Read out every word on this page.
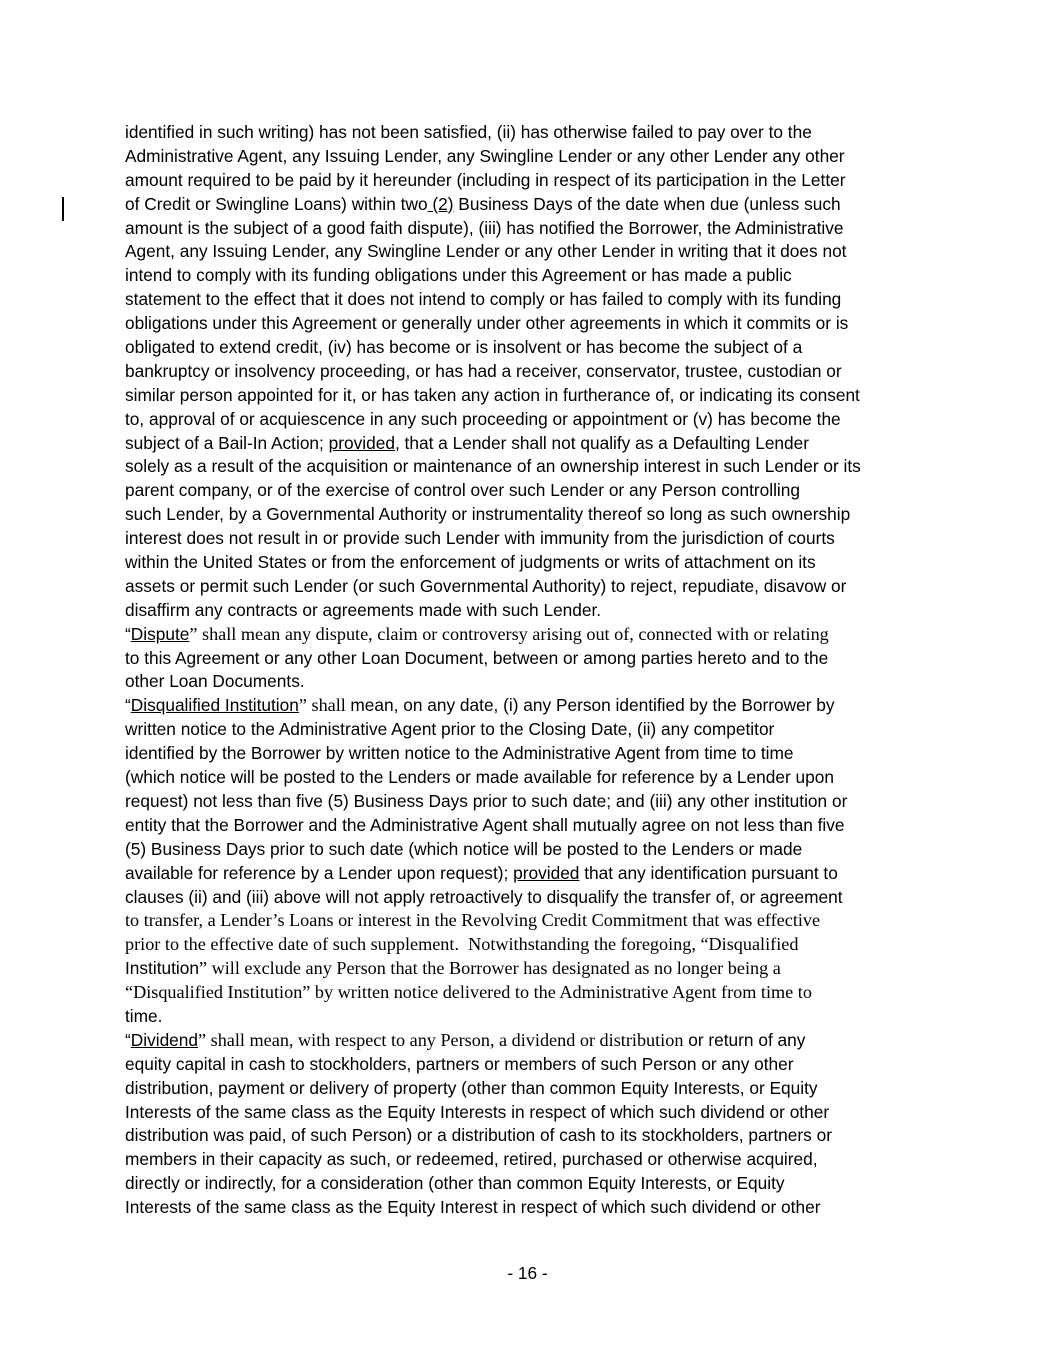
identified in such writing) has not been satisfied, (ii) has otherwise failed to pay over to the
Administrative Agent, any Issuing Lender, any Swingline Lender or any other Lender any other
amount required to be paid by it hereunder (including in respect of its participation in the Letter
of Credit or Swingline Loans) within two (2) Business Days of the date when due (unless such
amount is the subject of a good faith dispute), (iii) has notified the Borrower, the Administrative
Agent, any Issuing Lender, any Swingline Lender or any other Lender in writing that it does not
intend to comply with its funding obligations under this Agreement or has made a public
statement to the effect that it does not intend to comply or has failed to comply with its funding
obligations under this Agreement or generally under other agreements in which it commits or is
obligated to extend credit, (iv) has become or is insolvent or has become the subject of a
bankruptcy or insolvency proceeding, or has had a receiver, conservator, trustee, custodian or
similar person appointed for it, or has taken any action in furtherance of, or indicating its consent
to, approval of or acquiescence in any such proceeding or appointment or (v) has become the
subject of a Bail-In Action; provided, that a Lender shall not qualify as a Defaulting Lender
solely as a result of the acquisition or maintenance of an ownership interest in such Lender or its
parent company, or of the exercise of control over such Lender or any Person controlling
such Lender, by a Governmental Authority or instrumentality thereof so long as such ownership
interest does not result in or provide such Lender with immunity from the jurisdiction of courts
within the United States or from the enforcement of judgments or writs of attachment on its
assets or permit such Lender (or such Governmental Authority) to reject, repudiate, disavow or
disaffirm any contracts or agreements made with such Lender.
“Dispute” shall mean any dispute, claim or controversy arising out of, connected with or relating
to this Agreement or any other Loan Document, between or among parties hereto and to the
other Loan Documents.
“Disqualified Institution” shall mean, on any date, (i) any Person identified by the Borrower by
written notice to the Administrative Agent prior to the Closing Date, (ii) any competitor
identified by the Borrower by written notice to the Administrative Agent from time to time
(which notice will be posted to the Lenders or made available for reference by a Lender upon
request) not less than five (5) Business Days prior to such date; and (iii) any other institution or
entity that the Borrower and the Administrative Agent shall mutually agree on not less than five
(5) Business Days prior to such date (which notice will be posted to the Lenders or made
available for reference by a Lender upon request); provided that any identification pursuant to
clauses (ii) and (iii) above will not apply retroactively to disqualify the transfer of, or agreement
to transfer, a Lender’s Loans or interest in the Revolving Credit Commitment that was effective
prior to the effective date of such supplement.  Notwithstanding the foregoing, “Disqualified
Institution” will exclude any Person that the Borrower has designated as no longer being a
“Disqualified Institution” by written notice delivered to the Administrative Agent from time to
time.
“Dividend” shall mean, with respect to any Person, a dividend or distribution or return of any
equity capital in cash to stockholders, partners or members of such Person or any other
distribution, payment or delivery of property (other than common Equity Interests, or Equity
Interests of the same class as the Equity Interests in respect of which such dividend or other
distribution was paid, of such Person) or a distribution of cash to its stockholders, partners or
members in their capacity as such, or redeemed, retired, purchased or otherwise acquired,
directly or indirectly, for a consideration (other than common Equity Interests, or Equity
Interests of the same class as the Equity Interest in respect of which such dividend or other
- 16 -
